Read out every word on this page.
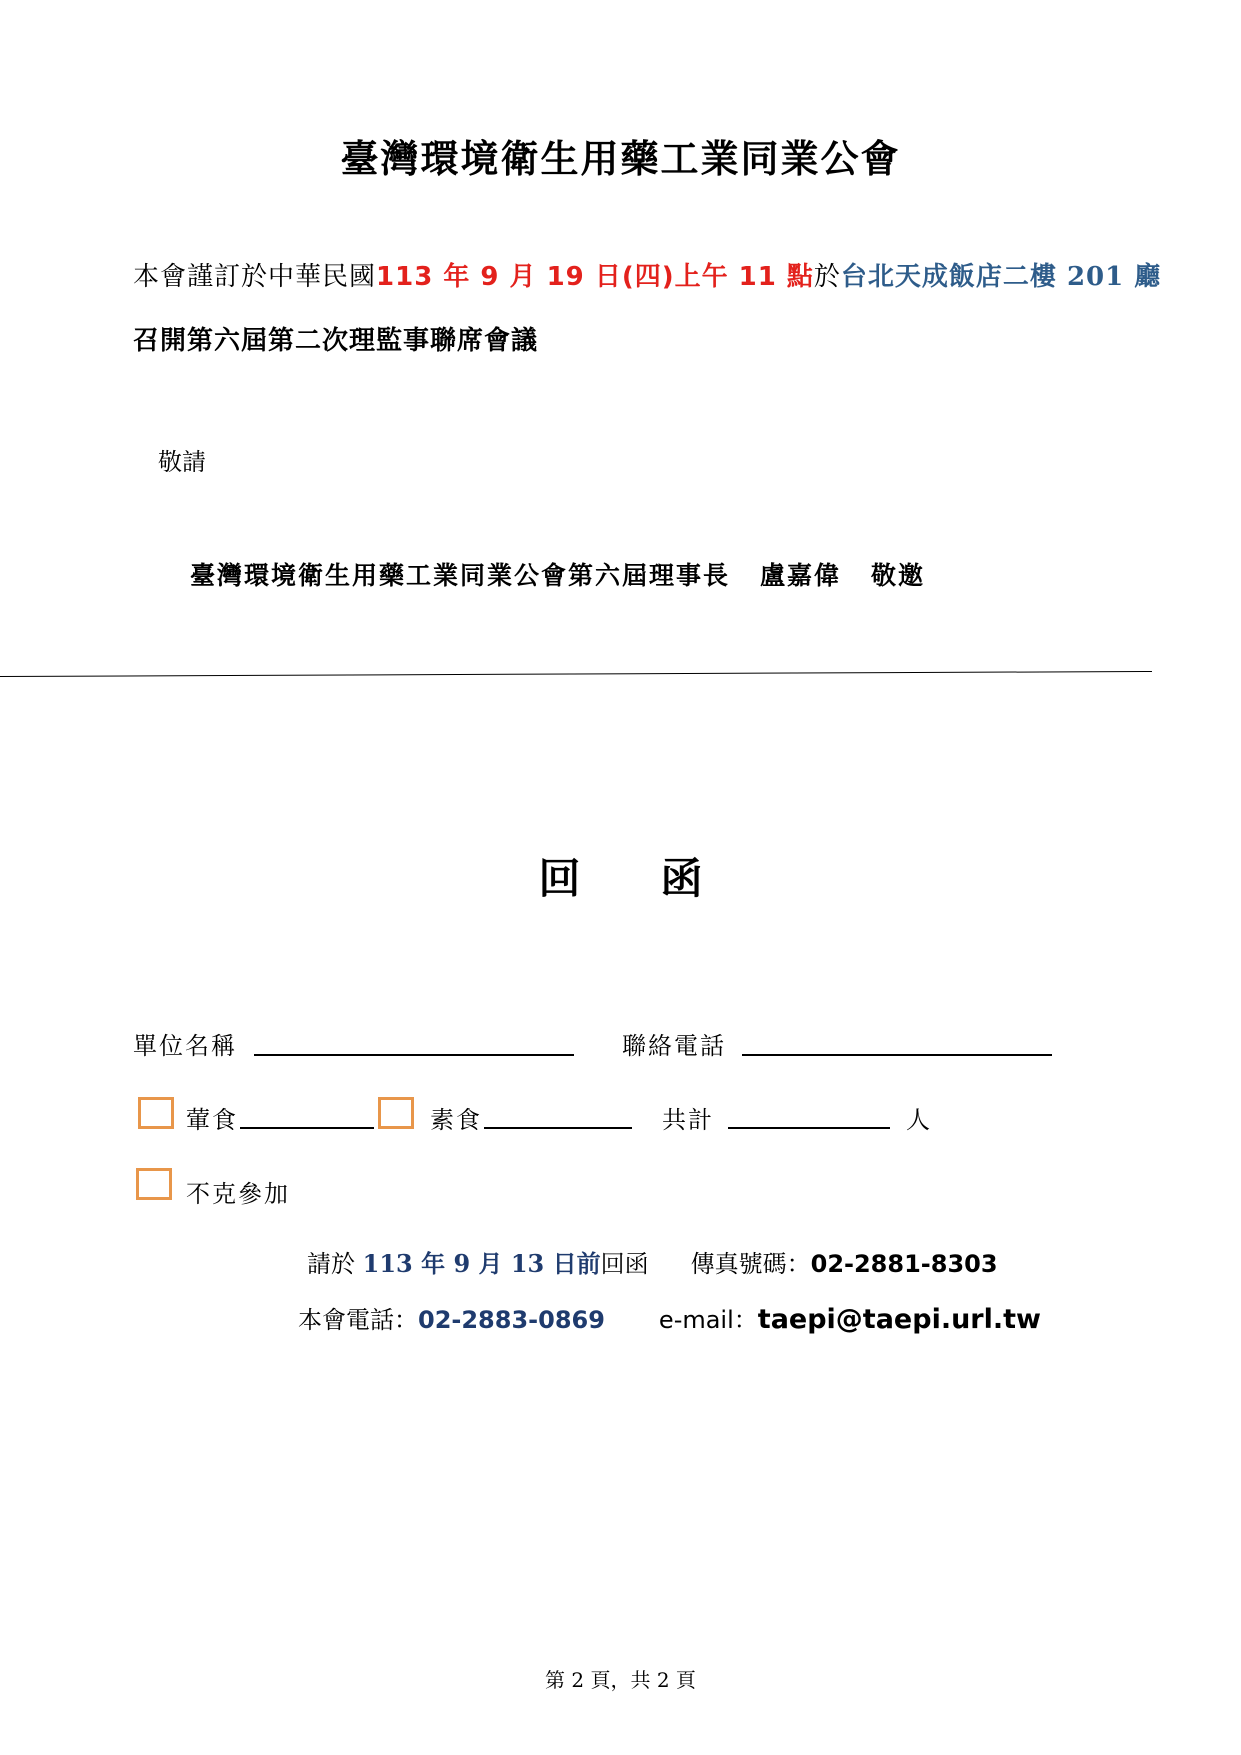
臺灣環境衛生用藥工業同業公會
本會謹訂於中華民國113 年 9 月 19 日(四)上午 11 點於台北天成飯店二樓 201 廳
召開第六屆第二次理監事聯席會議
敬請
臺灣環境衛生用藥工業同業公會第六屆理事長 盧嘉偉 敬邀
回 函
單位名稱	聯絡電話
葷食	素食	共計	人
不克參加
請於 113 年 9 月 13 日前回函 傳真號碼：02-2881-8303
本會電話：02-2883-0869 e-mail：taepi@taepi.url.tw
第 2 頁，共 2 頁
